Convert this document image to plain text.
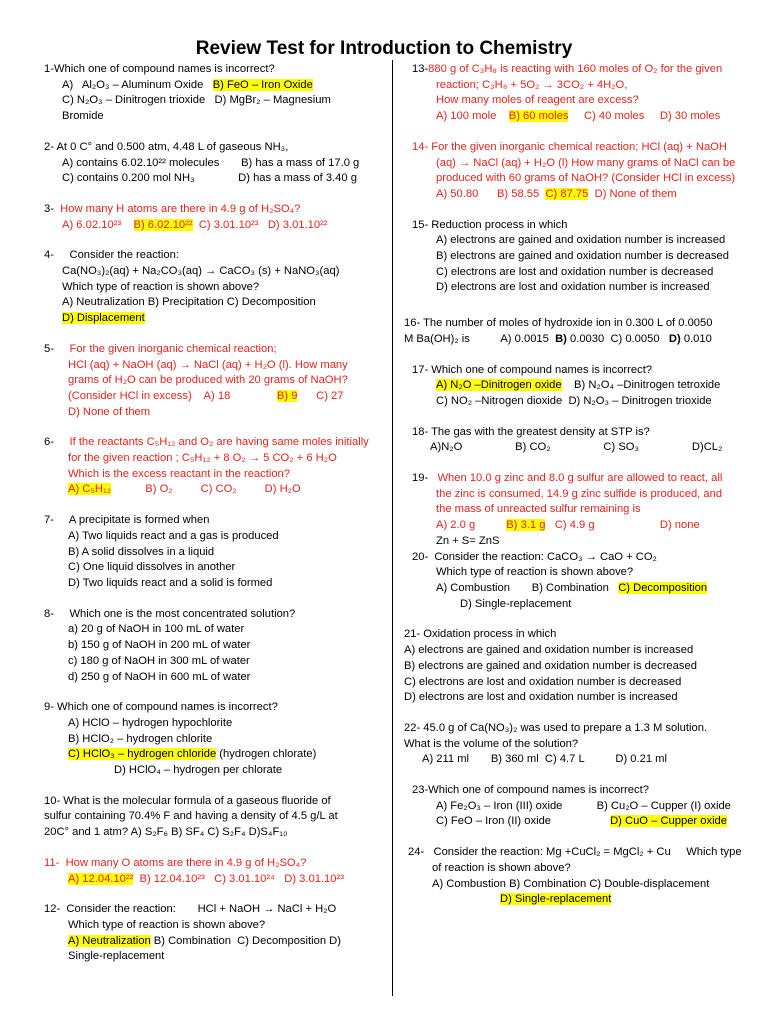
Review Test for Introduction to Chemistry
1-Which one of compound names is incorrect?
A) Al₂O₃ – Aluminum Oxide B) FeO – Iron Oxide
C) N₂O₃ – Dinitrogen trioxide D) MgBr₂ – Magnesium
Bromide
2- At 0 C° and 0.500 atm, 4.48 L of gaseous NH₃,
A) contains 6.02.10²² molecules B) has a mass of 17.0 g
C) contains 0.200 mol NH₃	D) has a mass of 3.40 g
3- How many H atoms are there in 4.9 g of H₂SO₄?
A) 6.02.10²³ B) 6.02.10²² C) 3.01.10²³ D) 3.01.10²²
4- Consider the reaction:
Ca(NO₃)₂(aq) + Na₂CO₃(aq) → CaCO₃ (s) + NaNO₃(aq)
Which type of reaction is shown above?
A) Neutralization B) Precipitation C) Decomposition
D) Displacement
5- For the given inorganic chemical reaction;
HCl (aq) + NaOH (aq) → NaCl (aq) + H₂O (l). How many
grams of H₂O can be produced with 20 grams of NaOH?
(Consider HCl in excess) A) 18	B) 9 C) 27
D) None of them
6- If the reactants C₅H₁₂ and O₂ are having same moles initially
for the given reaction ; C₅H₁₂ + 8 O₂ → 5 CO₂ + 6 H₂O
Which is the excess reactant in the reaction?
A) C₅H₁₂	B) O₂ C) CO₂ D) H₂O
7- A precipitate is formed when
A) Two liquids react and a gas is produced
B) A solid dissolves in a liquid
C) One liquid dissolves in another
D) Two liquids react and a solid is formed
8- Which one is the most concentrated solution?
a) 20 g of NaOH in 100 mL of water
b) 150 g of NaOH in 200 mL of water
c) 180 g of NaOH in 300 mL of water
d) 250 g of NaOH in 600 mL of water
9- Which one of compound names is incorrect?
A) HClO – hydrogen hypochlorite
B) HClO₂ – hydrogen chlorite
C) HClO₃ – hydrogen chloride (hydrogen chlorate)
D) HClO₄ – hydrogen per chlorate
10- What is the molecular formula of a gaseous fluoride of
sulfur containing 70.4% F and having a density of 4.5 g/L at
20C° and 1 atm? A) S₂F₆ B) SF₄ C) S₂F₄ D)S₄F₁₀
11- How many O atoms are there in 4.9 g of H₂SO₄?
A) 12.04.10²² B) 12.04.10²³ C) 3.01.10²⁴ D) 3.01.10²³
12- Consider the reaction:       HCl + NaOH → NaCl + H₂O
Which type of reaction is shown above?
A) Neutralization B) Combination  C) Decomposition D)
Single-replacement
13-880 g of C₃H₈ is reacting with 160 moles of O₂ for the given
reaction; C₃H₈ + 5O₂ → 3CO₂ + 4H₂O,
How many moles of reagent are excess?
A) 100 mole B) 60 moles C) 40 moles D) 30 moles
14- For the given inorganic chemical reaction; HCl (aq) + NaOH
(aq) → NaCl (aq) + H₂O (l) How many grams of NaCl can be
produced with 60 grams of NaOH? (Consider HCl in excess)
A) 50.80 B) 58.55 C) 87.75 D) None of them
15- Reduction process in which
A) electrons are gained and oxidation number is increased
B) electrons are gained and oxidation number is decreased
C) electrons are lost and oxidation number is decreased
D) electrons are lost and oxidation number is increased
16- The number of moles of hydroxide ion in 0.300 L of 0.0050
M Ba(OH)₂ is	A) 0.0015 B) 0.0030 C) 0.0050 D) 0.010
17- Which one of compound names is incorrect?
A) N₂O –Dinitrogen oxide B) N₂O₄ –Dinitrogen tetroxide
C) NO₂ –Nitrogen dioxide D) N₂O₃ – Dinitrogen trioxide
18- The gas with the greatest density at STP is?
A)N₂O	B) CO₂	C) SO₃	D)CL₂
19- When 10.0 g zinc and 8.0 g sulfur are allowed to react, all
the zinc is consumed, 14.9 g zinc sulfide is produced, and
the mass of unreacted sulfur remaining is
A) 2.0 g	B) 3.1 g C) 4.9 g	D) none
Zn + S= ZnS
20- Consider the reaction: CaCO₃ → CaO + CO₂
Which type of reaction is shown above?
A) Combustion B) Combination C) Decomposition
D) Single-replacement
21- Oxidation process in which
A) electrons are gained and oxidation number is increased
B) electrons are gained and oxidation number is decreased
C) electrons are lost and oxidation number is decreased
D) electrons are lost and oxidation number is increased
22- 45.0 g of Ca(NO₃)₂ was used to prepare a 1.3 M solution.
What is the volume of the solution?
A) 211 ml B) 360 ml C) 4.7 L	D) 0.21 ml
23-Which one of compound names is incorrect?
A) Fe₂O₃ – Iron (III) oxide	B) Cu₂O – Cupper (I) oxide
C) FeO – Iron (II) oxide	D) CuO – Cupper oxide
24- Consider the reaction: Mg +CuCl₂ = MgCl₂ + Cu     Which type
of reaction is shown above?
A) Combustion B) Combination C) Double-displacement
D) Single-replacement
